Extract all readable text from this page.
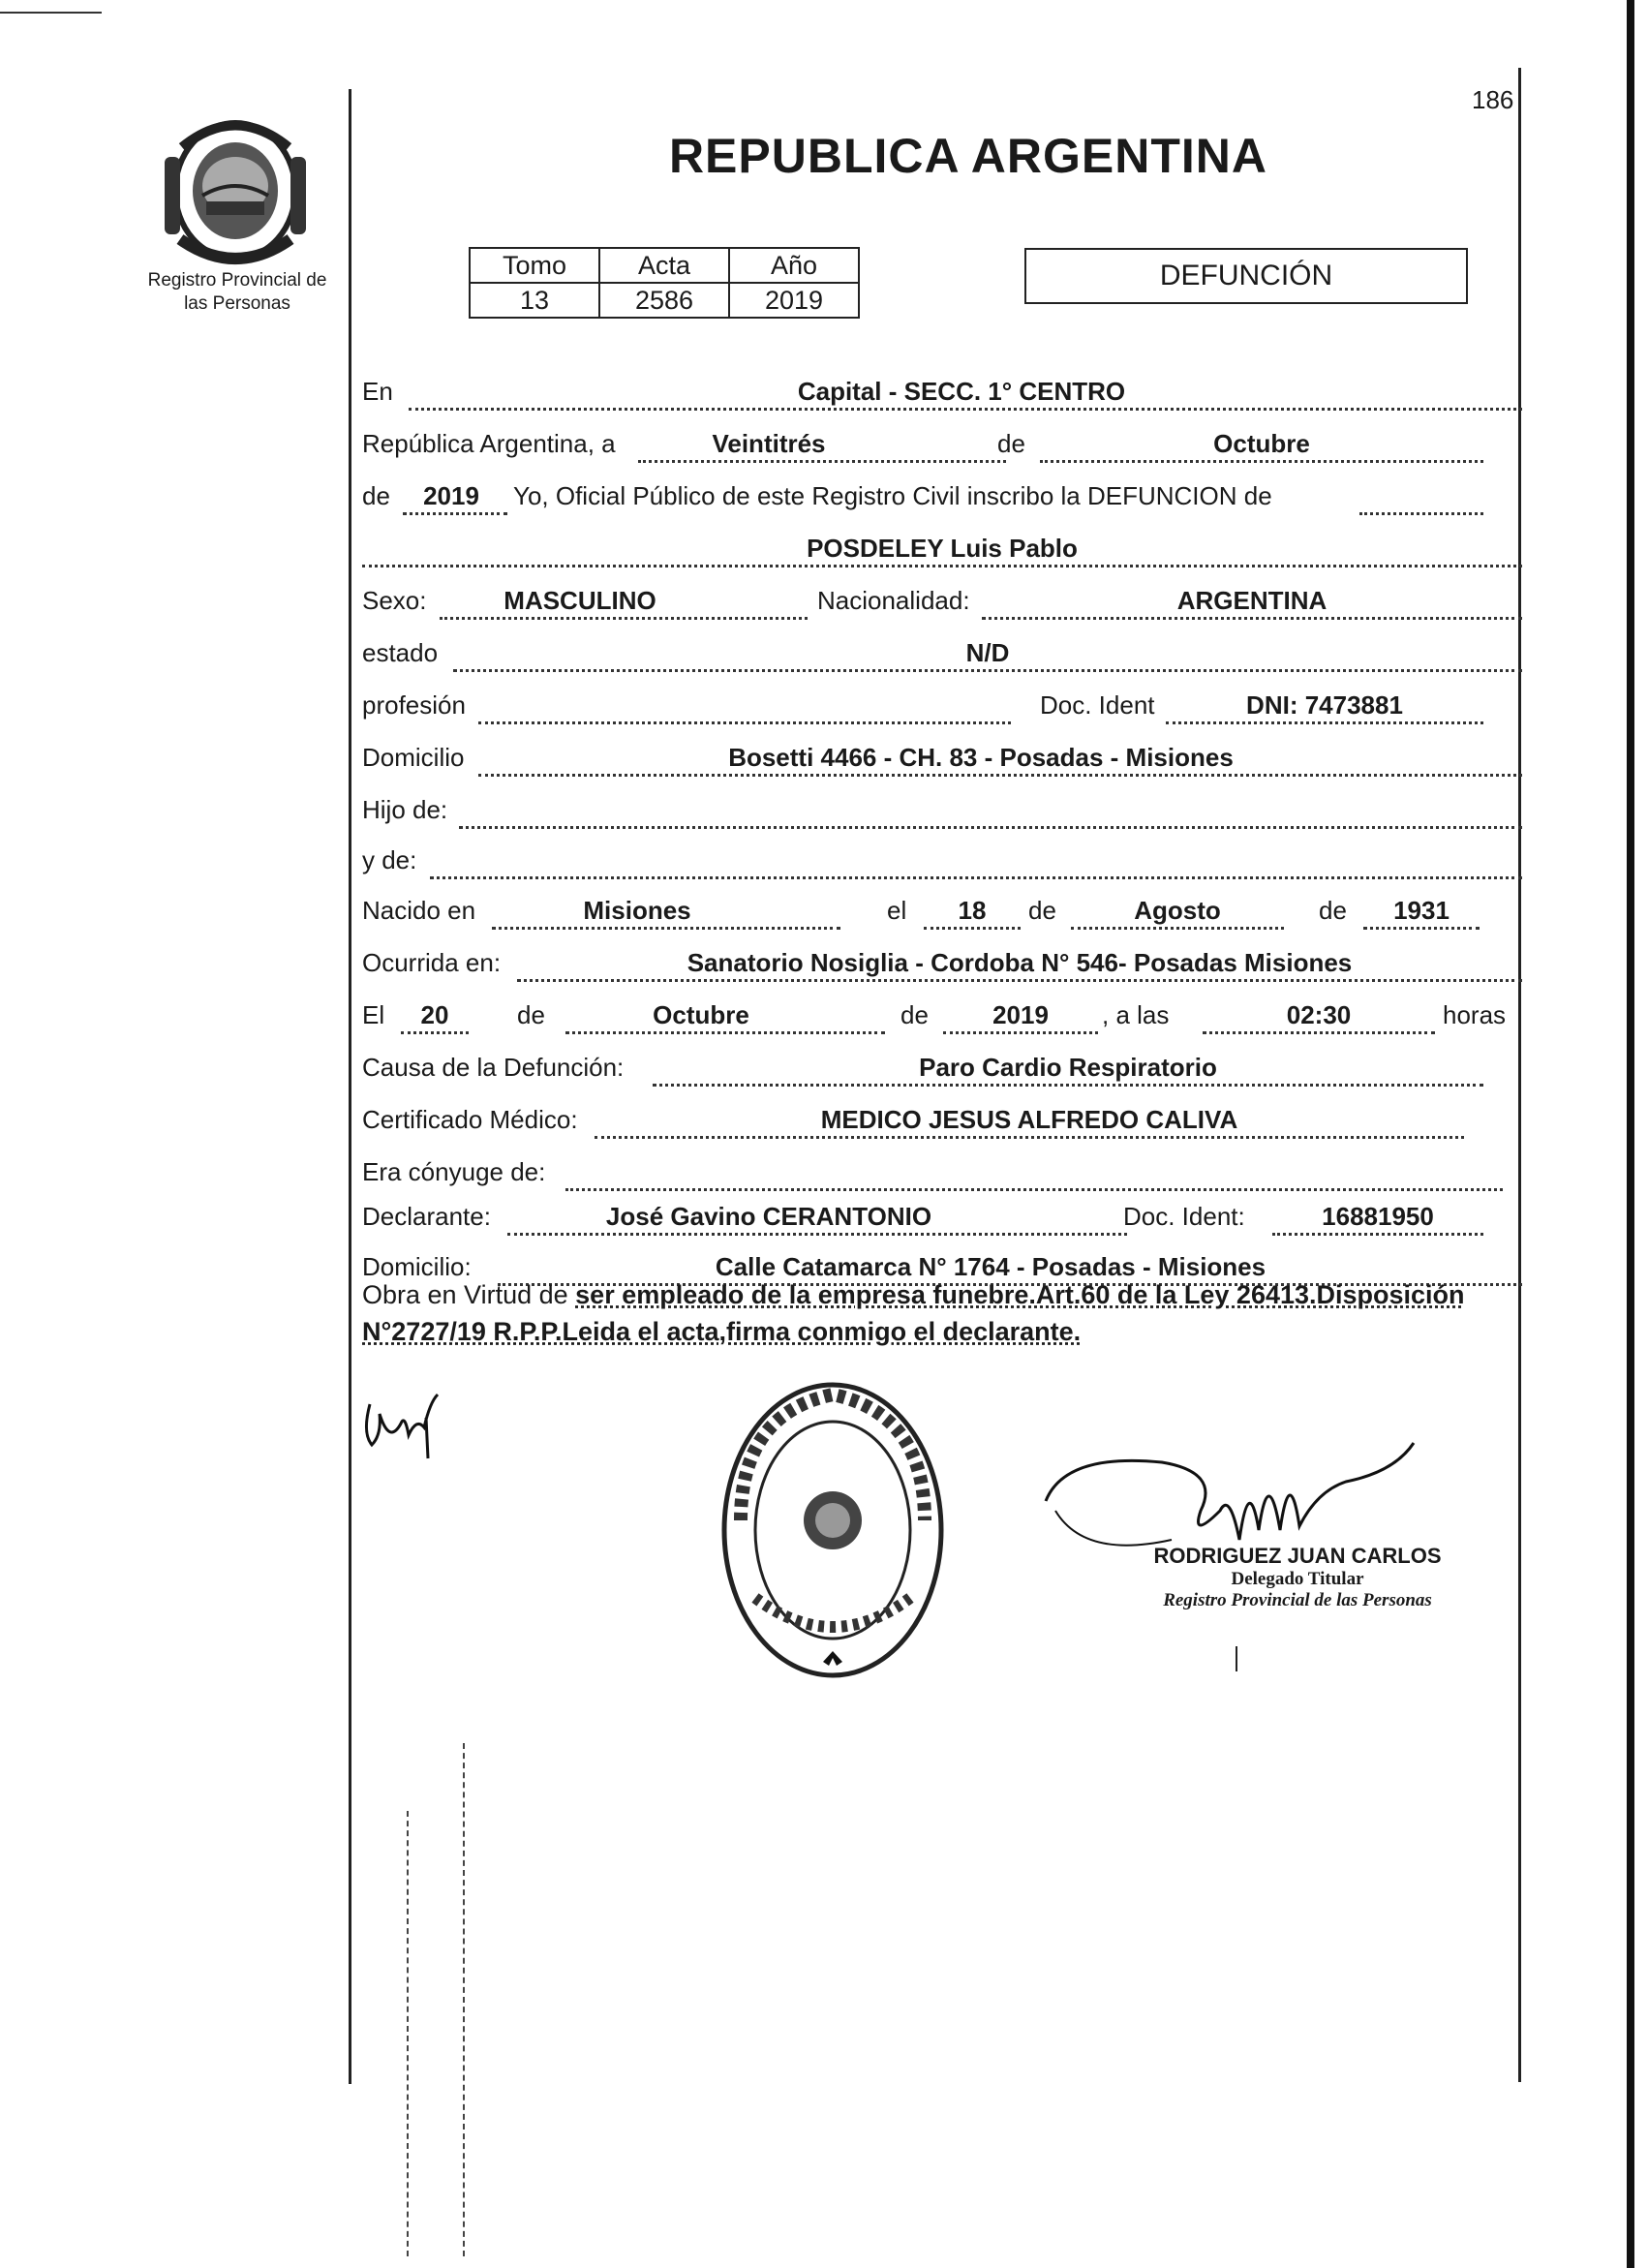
186
Registro Provincial de
las Personas
REPUBLICA ARGENTINA
Tomo	Acta	Año
13	2586	2019
DEFUNCIÓN
En	Capital - SECC. 1° CENTRO
República Argentina, a	Veintitrés	de	Octubre
de	2019	Yo, Oficial Público de este Registro Civil inscribo la DEFUNCION de
POSDELEY Luis Pablo
Sexo:	MASCULINO	Nacionalidad:	ARGENTINA
estado	N/D
profesión	Doc. Ident	DNI: 7473881
Domicilio	Bosetti 4466 - CH. 83 - Posadas - Misiones
Hijo de:
y de:
Nacido en	Misiones	el	18	de	Agosto	de	1931
Ocurrida en:	Sanatorio Nosiglia - Cordoba N° 546- Posadas Misiones
El	20	de	Octubre	de	2019	, a las	02:30	horas
Causa de la Defunción:	Paro Cardio Respiratorio
Certificado Médico:	MEDICO JESUS ALFREDO CALIVA
Era cónyuge de:
Declarante:	José Gavino CERANTONIO	Doc. Ident:	16881950
Domicilio:	Calle Catamarca N° 1764 - Posadas - Misiones
Obra en Virtud de ser empleado de la empresa funebre.Art.60 de la Ley 26413.Disposición N°2727/19 R.P.P.Leida el acta,firma conmigo el declarante.
RODRIGUEZ JUAN CARLOS
Delegado Titular
Registro Provincial de las Personas
